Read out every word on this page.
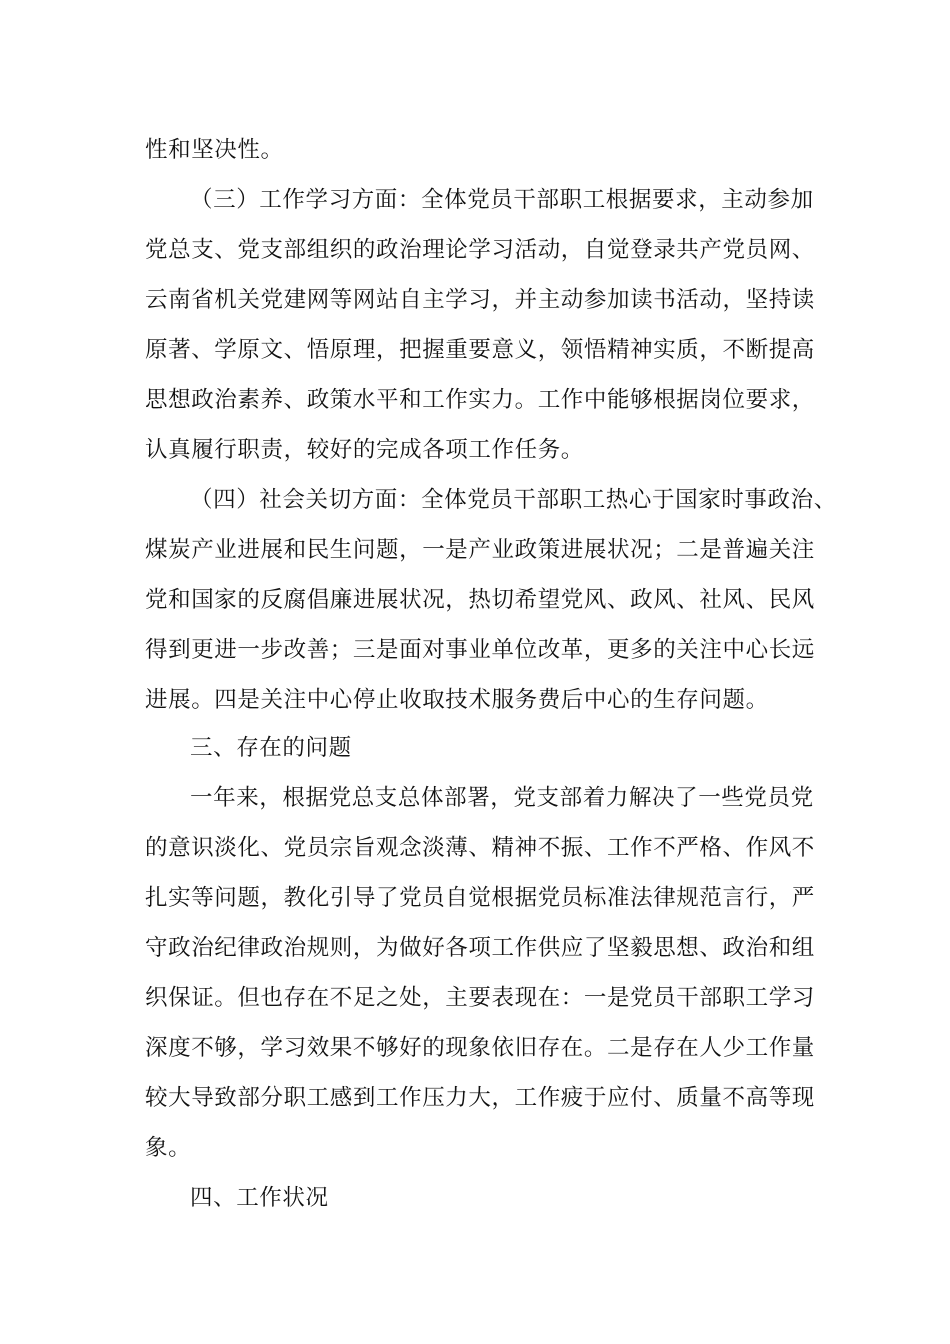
性和坚决性。
（三）工作学习方面：全体党员干部职工根据要求，主动参加
党总支、党支部组织的政治理论学习活动，自觉登录共产党员网、
云南省机关党建网等网站自主学习，并主动参加读书活动，坚持读
原著、学原文、悟原理，把握重要意义，领悟精神实质，不断提高
思想政治素养、政策水平和工作实力。工作中能够根据岗位要求，
认真履行职责，较好的完成各项工作任务。
（四）社会关切方面：全体党员干部职工热心于国家时事政治、
煤炭产业进展和民生问题，一是产业政策进展状况；二是普遍关注
党和国家的反腐倡廉进展状况，热切希望党风、政风、社风、民风
得到更进一步改善；三是面对事业单位改革，更多的关注中心长远
进展。四是关注中心停止收取技术服务费后中心的生存问题。
三、存在的问题
一年来，根据党总支总体部署，党支部着力解决了一些党员党
的意识淡化、党员宗旨观念淡薄、精神不振、工作不严格、作风不
扎实等问题，教化引导了党员自觉根据党员标准法律规范言行，严
守政治纪律政治规则，为做好各项工作供应了坚毅思想、政治和组
织保证。但也存在不足之处，主要表现在：一是党员干部职工学习
深度不够，学习效果不够好的现象依旧存在。二是存在人少工作量
较大导致部分职工感到工作压力大，工作疲于应付、质量不高等现
象。
四、工作状况
